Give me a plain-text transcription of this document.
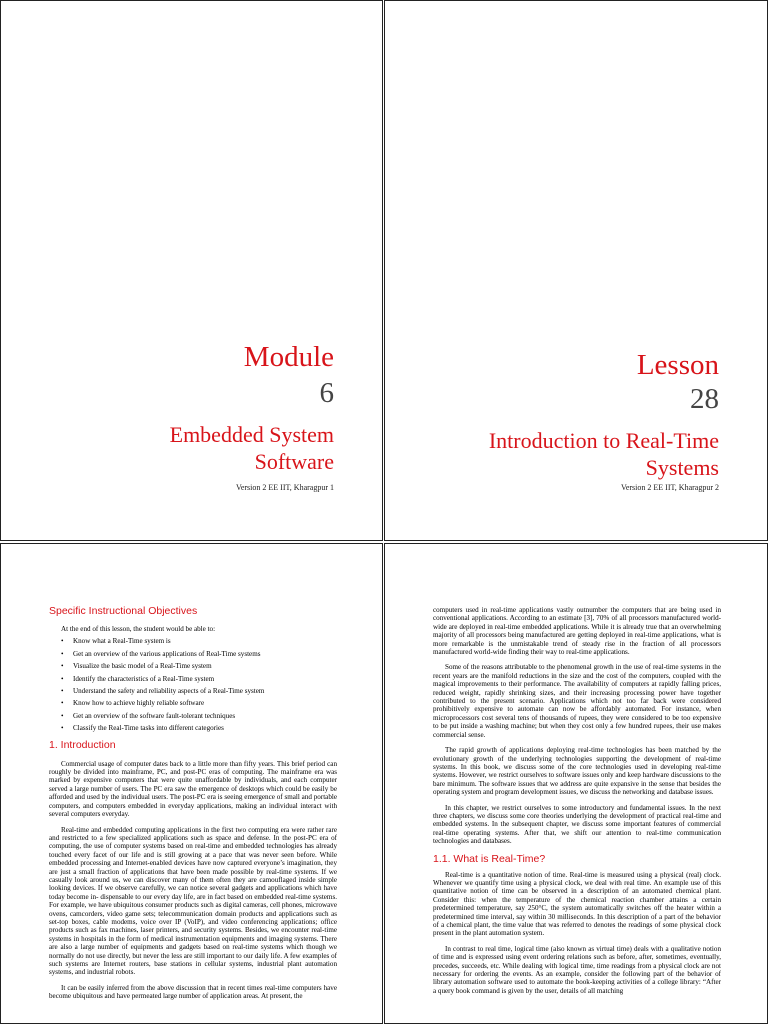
Module
6
Embedded System
Software
Version 2 EE IIT, Kharagpur 1
Lesson
28
Introduction to Real-Time
Systems
Version 2 EE IIT, Kharagpur 2
Specific Instructional Objectives
At the end of this lesson, the student would be able to:
• Know what a Real-Time system is
• Get an overview of the various applications of Real-Time systems
• Visualize the basic model of a Real-Time system
• Identify the characteristics of a Real-Time system
• Understand the safety and reliability aspects of a Real-Time system
• Know how to achieve highly reliable software
• Get an overview of the software fault-tolerant techniques
• Classify the Real-Time tasks into different categories
1. Introduction

Commercial usage of computer dates back to a little more than fifty years. This brief period can roughly be divided into mainframe, PC, and post-PC eras of computing. The mainframe era was marked by expensive computers that were quite unaffordable by individuals, and each computer served a large number of users. The PC era saw the emergence of desktops which could be easily be afforded and used by the individual users. The post-PC era is seeing emergence of small and portable computers, and computers embedded in everyday applications, making an individual interact with several computers everyday.

Real-time and embedded computing applications in the first two computing era were rather rare and restricted to a few specialized applications such as space and defense. In the post-PC era of computing, the use of computer systems based on real-time and embedded technologies has already touched every facet of our life and is still growing at a pace that was never seen before. While embedded processing and Internet-enabled devices have now captured everyone’s imagination, they are just a small fraction of applications that have been made possible by real-time systems. If we casually look around us, we can discover many of them often they are camouflaged inside simple looking devices. If we observe carefully, we can notice several gadgets and applications which have today become in- dispensable to our every day life, are in fact based on embedded real-time systems. For example, we have ubiquitous consumer products such as digital cameras, cell phones, microwave ovens, camcorders, video game sets; telecommunication domain products and applications such as set-top boxes, cable modems, voice over IP (VoIP), and video conferencing applications; office products such as fax machines, laser printers, and security systems. Besides, we encounter real-time systems in hospitals in the form of medical instrumentation equipments and imaging systems. There are also a large number of equipments and gadgets based on real-time systems which though we normally do not use directly, but never the less are still important to our daily life. A few examples of such systems are Internet routers, base stations in cellular systems, industrial plant automation systems, and industrial robots.

It can be easily inferred from the above discussion that in recent times real-time computers have become ubiquitous and have permeated large number of application areas. At present, the

computers used in real-time applications vastly outnumber the computers that are being used in conventional applications. According to an estimate [3], 70% of all processors manufactured world-wide are deployed in real-time embedded applications. While it is already true that an overwhelming majority of all processors being manufactured are getting deployed in real-time applications, what is more remarkable is the unmistakable trend of steady rise in the fraction of all processors manufactured world-wide finding their way to real-time applications.

Some of the reasons attributable to the phenomenal growth in the use of real-time systems in the recent years are the manifold reductions in the size and the cost of the computers, coupled with the magical improvements to their performance. The availability of computers at rapidly falling prices, reduced weight, rapidly shrinking sizes, and their increasing processing power have together contributed to the present scenario. Applications which not too far back were considered prohibitively expensive to automate can now be affordably automated. For instance, when microprocessors cost several tens of thousands of rupees, they were considered to be too expensive to be put inside a washing machine; but when they cost only a few hundred rupees, their use makes commercial sense.

The rapid growth of applications deploying real-time technologies has been matched by the evolutionary growth of the underlying technologies supporting the development of real-time systems. In this book, we discuss some of the core technologies used in developing real-time systems. However, we restrict ourselves to software issues only and keep hardware discussions to the bare minimum. The software issues that we address are quite expansive in the sense that besides the operating system and program development issues, we discuss the networking and database issues.

In this chapter, we restrict ourselves to some introductory and fundamental issues. In the next three chapters, we discuss some core theories underlying the development of practical real-time and embedded systems. In the subsequent chapter, we discuss some important features of commercial real-time operating systems. After that, we shift our attention to real-time communication technologies and databases.

1.1. What is Real-Time?

Real-time is a quantitative notion of time. Real-time is measured using a physical (real) clock. Whenever we quantify time using a physical clock, we deal with real time. An example use of this quantitative notion of time can be observed in a description of an automated chemical plant. Consider this: when the temperature of the chemical reaction chamber attains a certain predetermined temperature, say 250°C, the system automatically switches off the heater within a predetermined time interval, say within 30 milliseconds. In this description of a part of the behavior of a chemical plant, the time value that was referred to denotes the readings of some physical clock present in the plant automation system.

In contrast to real time, logical time (also known as virtual time) deals with a qualitative notion of time and is expressed using event ordering relations such as before, after, sometimes, eventually, precedes, succeeds, etc. While dealing with logical time, time readings from a physical clock are not necessary for ordering the events. As an example, consider the following part of the behavior of library automation software used to automate the book-keeping activities of a college library: “After a query book command is given by the user, details of all matching
